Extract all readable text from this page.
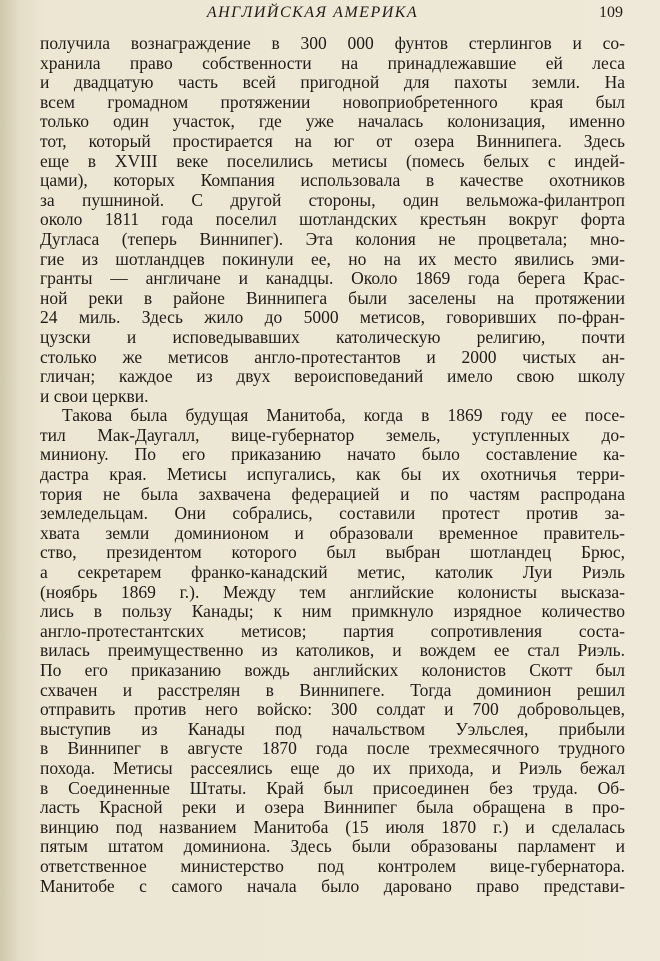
АНГЛИЙСКАЯ АМЕРИКА	109
получила вознаграждение в 300 000 фунтов стерлингов и со-
хранила право собственности на принадлежавшие ей леса
и двадцатую часть всей пригодной для пахоты земли. На
всем громадном протяжении новоприобретенного края был
только один участок, где уже началась колонизация, именно
тот, который простирается на юг от озера Виннипега. Здесь
еще в XVIII веке поселились метисы (помесь белых с индей-
цами), которых Компания использовала в качестве охотников
за пушниной. С другой стороны, один вельможа-филантроп
около 1811 года поселил шотландских крестьян вокруг форта
Дугласа (теперь Виннипег). Эта колония не процветала; мно-
гие из шотландцев покинули ее, но на их место явились эми-
гранты — англичане и канадцы. Около 1869 года берега Крас-
ной реки в районе Виннипега были заселены на протяжении
24 миль. Здесь жило до 5000 метисов, говоривших по-фран-
цузски и исповедывавших католическую религию, почти
столько же метисов англо-протестантов и 2000 чистых ан-
гличан; каждое из двух вероисповеданий имело свою школу
и свои церкви.
Такова была будущая Манитоба, когда в 1869 году ее посе-
тил Мак-Даугалл, вице-губернатор земель, уступленных до-
миниону. По его приказанию начато было составление ка-
дастра края. Метисы испугались, как бы их охотничья терри-
тория не была захвачена федерацией и по частям распродана
земледельцам. Они собрались, составили протест против за-
хвата земли доминионом и образовали временное правитель-
ство, президентом которого был выбран шотландец Брюс,
а секретарем франко-канадский метис, католик Луи Риэль
(ноябрь 1869 г.). Между тем английские колонисты высказа-
лись в пользу Канады; к ним примкнуло изрядное количество
англо-протестантских метисов; партия сопротивления соста-
вилась преимущественно из католиков, и вождем ее стал Риэль.
По его приказанию вождь английских колонистов Скотт был
схвачен и расстрелян в Виннипеге. Тогда доминион решил
отправить против него войско: 300 солдат и 700 добровольцев,
выступив из Канады под начальством Уэльслея, прибыли
в Виннипег в августе 1870 года после трехмесячного трудного
похода. Метисы рассеялись еще до их прихода, и Риэль бежал
в Соединенные Штаты. Край был присоединен без труда. Об-
ласть Красной реки и озера Виннипег была обращена в про-
винцию под названием Манитоба (15 июля 1870 г.) и сделалась
пятым штатом доминиона. Здесь были образованы парламент и
ответственное министерство под контролем вице-губернатора.
Манитобе с самого начала было даровано право представи-
